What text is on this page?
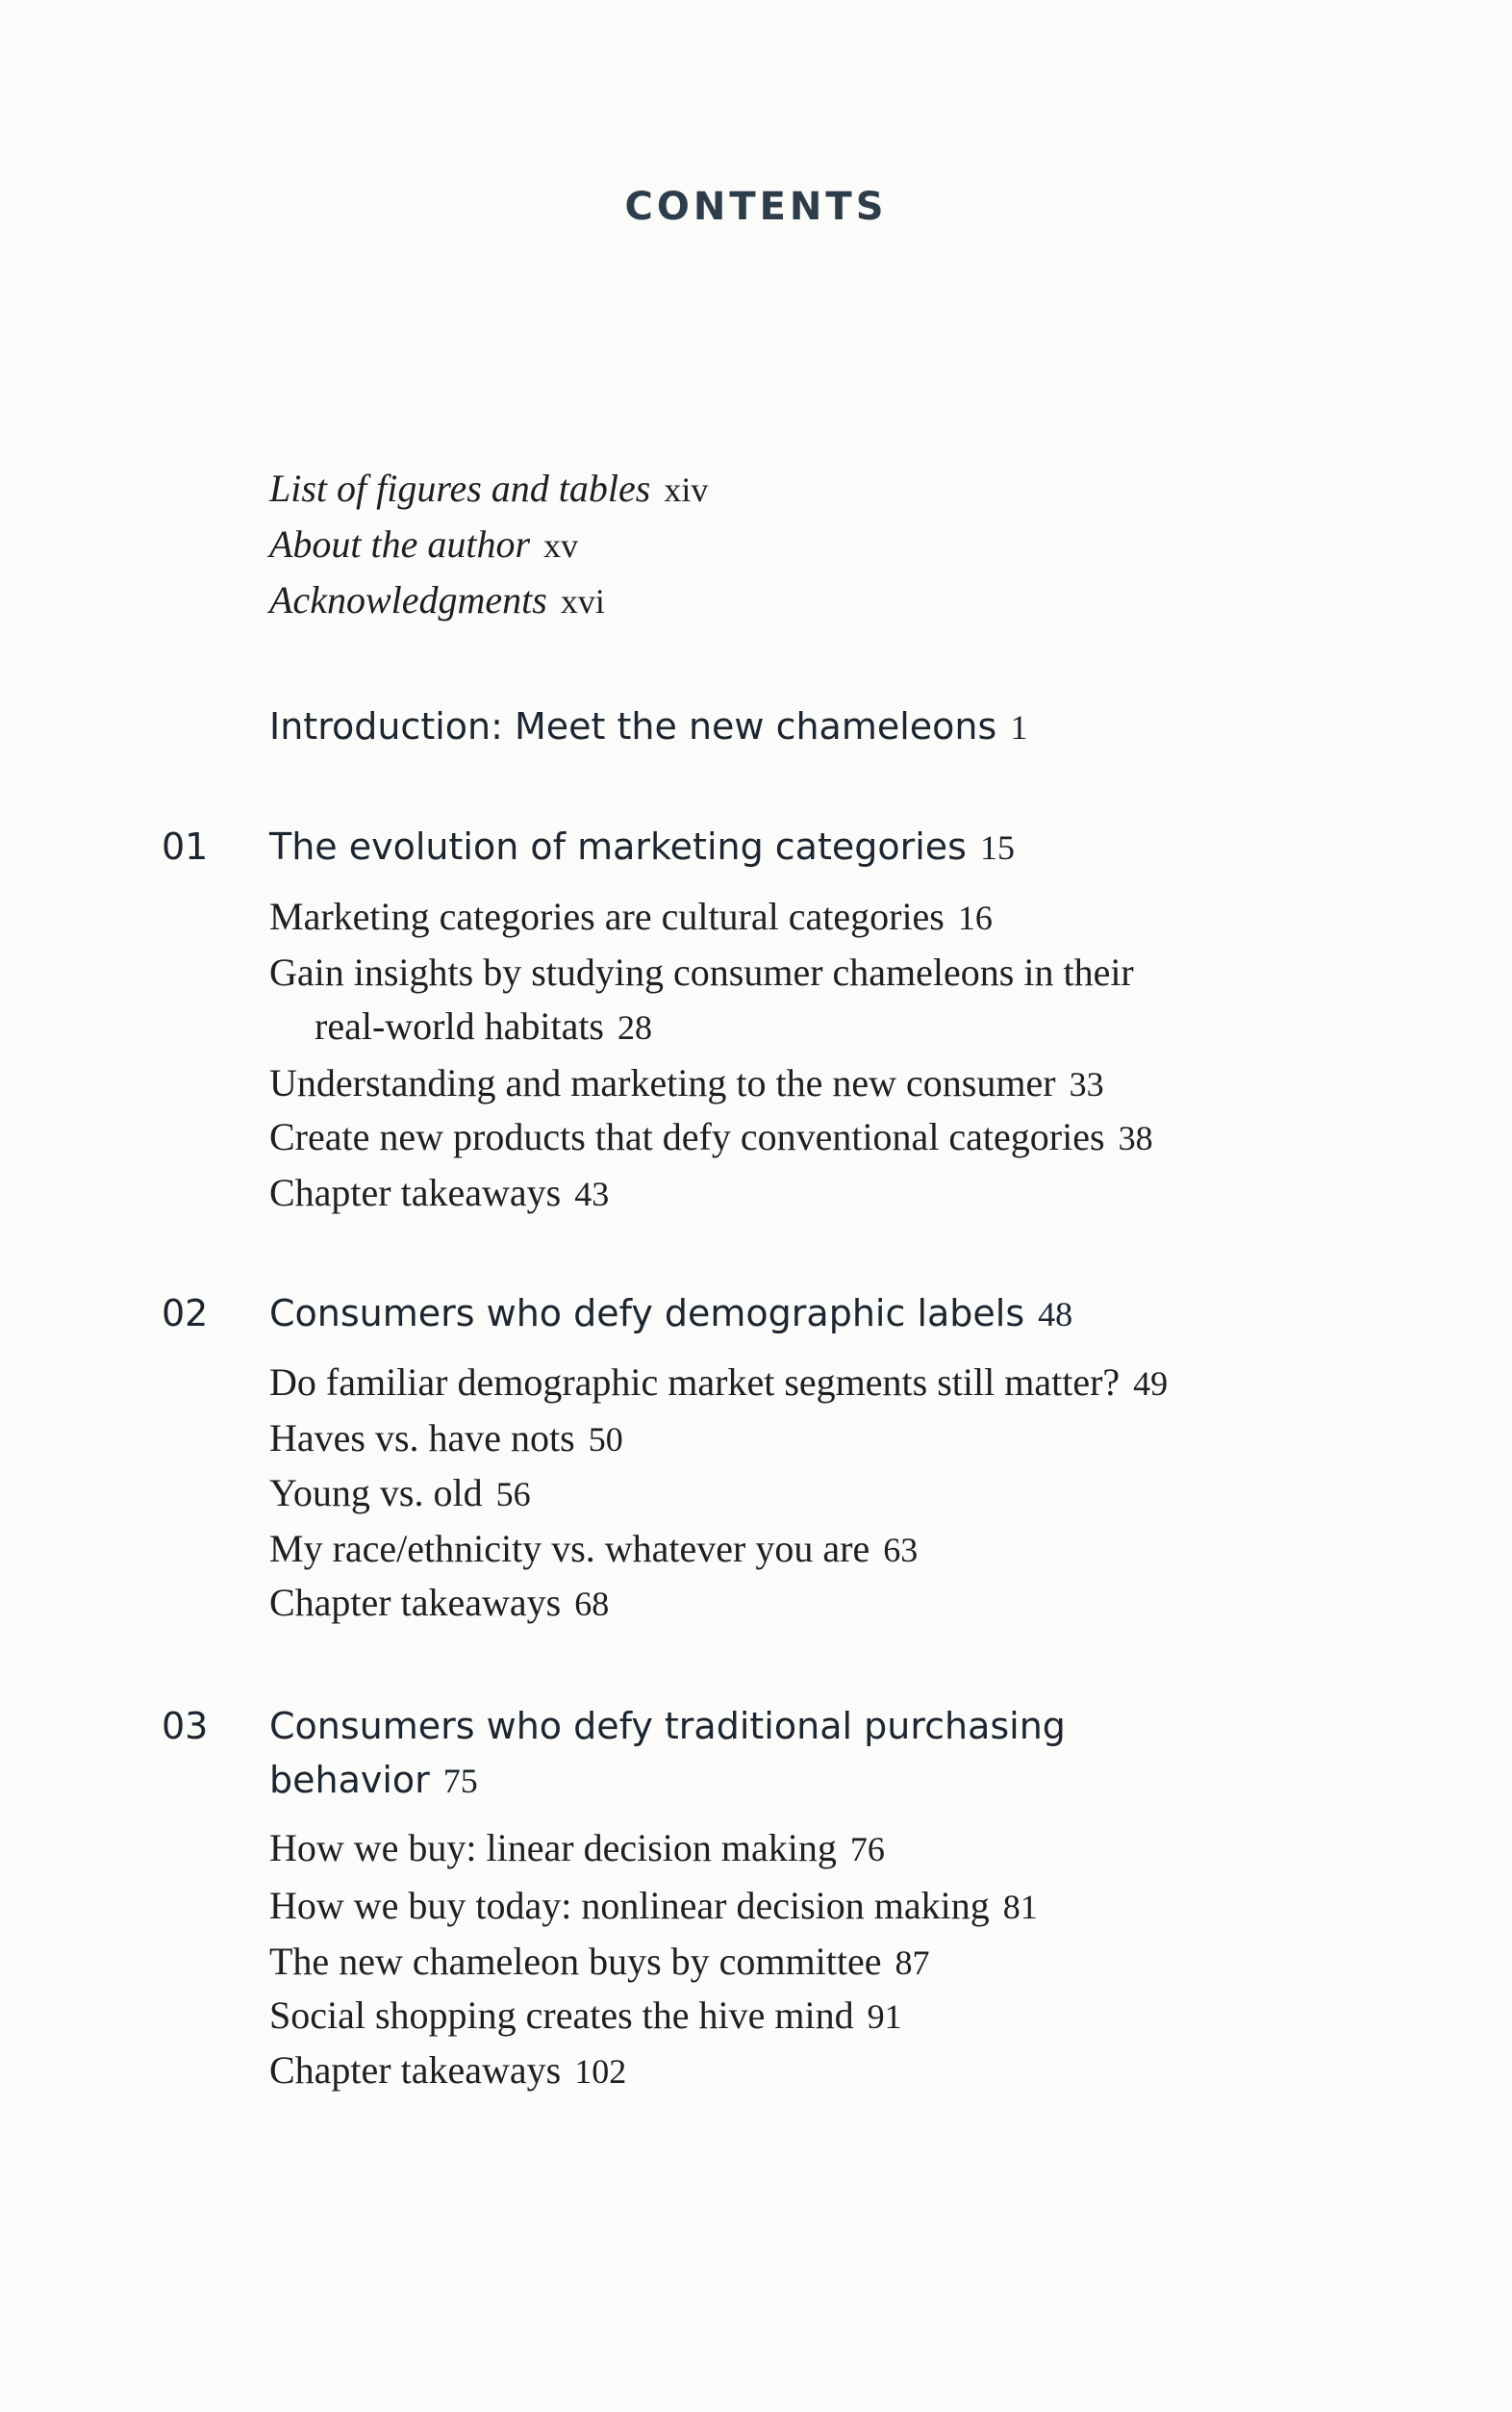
CONTENTS
List of figures and tables xiv
About the author xv
Acknowledgments xvi
Introduction: Meet the new chameleons 1
01 The evolution of marketing categories 15
Marketing categories are cultural categories 16
Gain insights by studying consumer chameleons in their
real-world habitats 28
Understanding and marketing to the new consumer 33
Create new products that defy conventional categories 38
Chapter takeaways 43
02 Consumers who defy demographic labels 48
Do familiar demographic market segments still matter? 49
Haves vs. have nots 50
Young vs. old 56
My race/ethnicity vs. whatever you are 63
Chapter takeaways 68
03 Consumers who defy traditional purchasing
behavior 75
How we buy: linear decision making 76
How we buy today: nonlinear decision making 81
The new chameleon buys by committee 87
Social shopping creates the hive mind 91
Chapter takeaways 102
